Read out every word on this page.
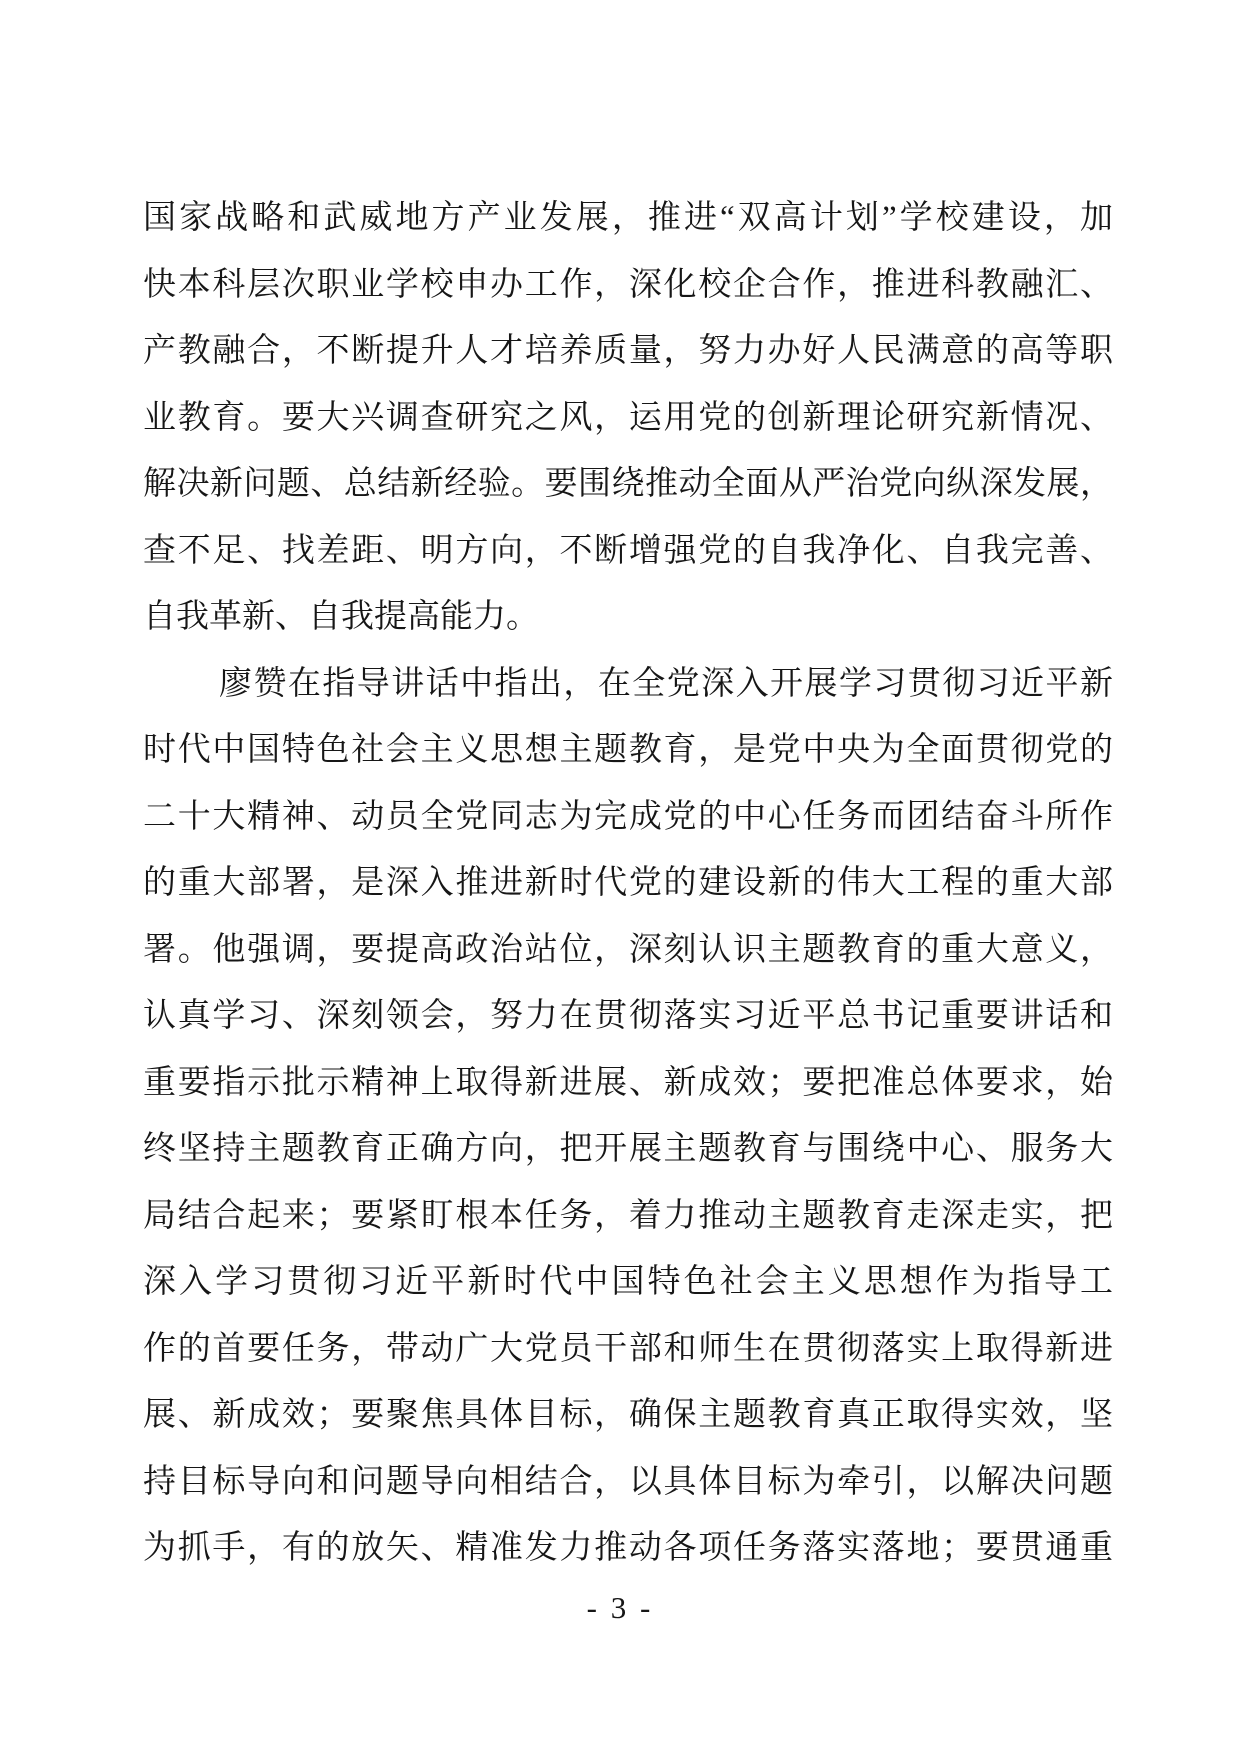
国家战略和武威地方产业发展，推进“双高计划”学校建设，加
快本科层次职业学校申办工作，深化校企合作，推进科教融汇、
产教融合，不断提升人才培养质量，努力办好人民满意的高等职
业教育。要大兴调查研究之风，运用党的创新理论研究新情况、
解决新问题、总结新经验。要围绕推动全面从严治党向纵深发展，
查不足、找差距、明方向，不断增强党的自我净化、自我完善、
自我革新、自我提高能力。
廖赞在指导讲话中指出，在全党深入开展学习贯彻习近平新
时代中国特色社会主义思想主题教育，是党中央为全面贯彻党的
二十大精神、动员全党同志为完成党的中心任务而团结奋斗所作
的重大部署，是深入推进新时代党的建设新的伟大工程的重大部
署。他强调，要提高政治站位，深刻认识主题教育的重大意义，
认真学习、深刻领会，努力在贯彻落实习近平总书记重要讲话和
重要指示批示精神上取得新进展、新成效；要把准总体要求，始
终坚持主题教育正确方向，把开展主题教育与围绕中心、服务大
局结合起来；要紧盯根本任务，着力推动主题教育走深走实，把
深入学习贯彻习近平新时代中国特色社会主义思想作为指导工
作的首要任务，带动广大党员干部和师生在贯彻落实上取得新进
展、新成效；要聚焦具体目标，确保主题教育真正取得实效，坚
持目标导向和问题导向相结合，以具体目标为牵引，以解决问题
为抓手，有的放矢、精准发力推动各项任务落实落地；要贯通重
- 3 -
